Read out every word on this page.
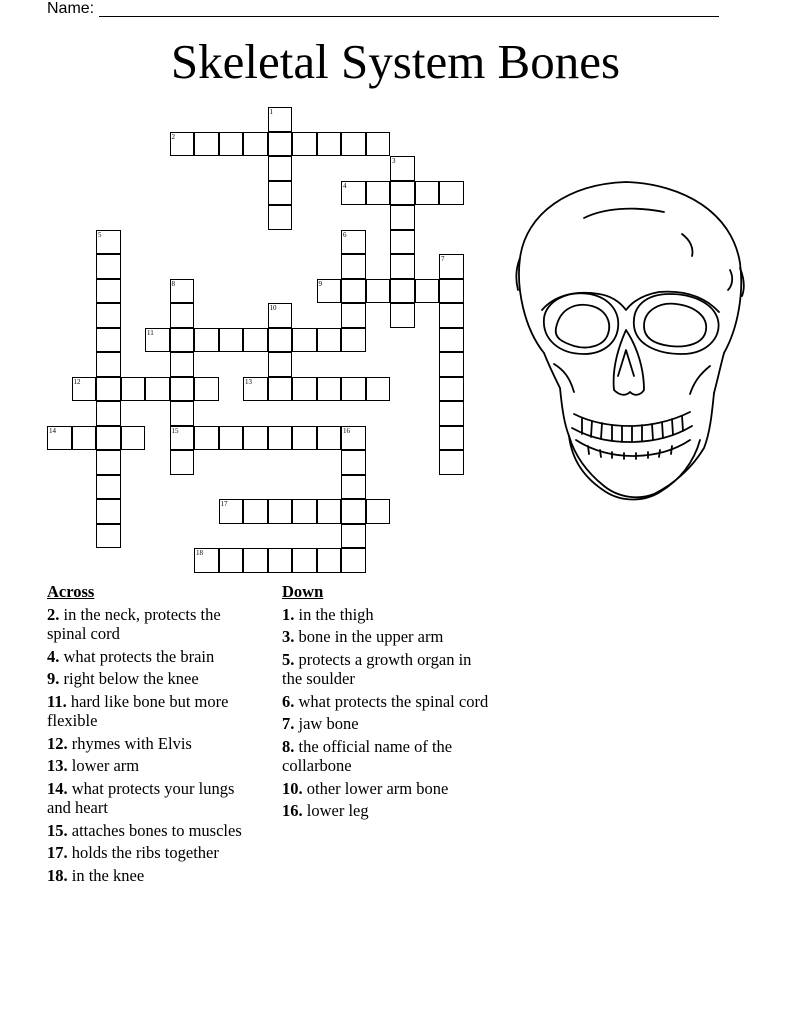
Name:
Skeletal System Bones
1
2
3
4
5	6
7
8
15
9
10
11
12	13
14	16
17
18
Across
2. in the neck, protects the spinal cord
4. what protects the brain
9. right below the knee
11. hard like bone but more flexible
12. rhymes with Elvis
13. lower arm
14. what protects your lungs and heart
15. attaches bones to muscles
17. holds the ribs together
18. in the knee
Down
1. in the thigh
3. bone in the upper arm
5. protects a growth organ in the soulder
6. what protects the spinal cord
7. jaw bone
8. the official name of the collarbone
10. other lower arm bone
16. lower leg
